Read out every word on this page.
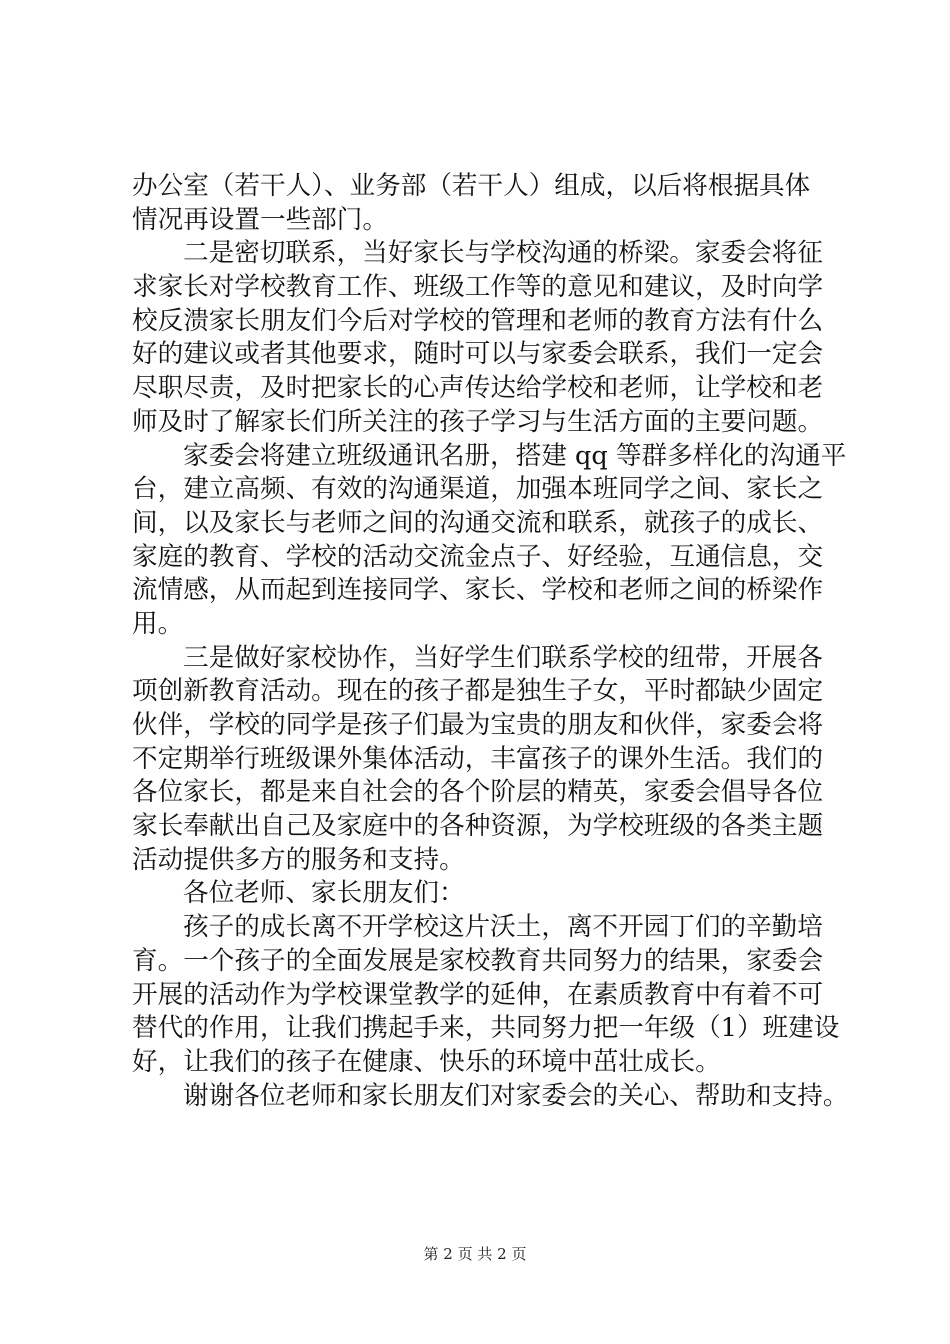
办公室（若干人）、业务部（若干人）组成，以后将根据具体
情况再设置一些部门。
二是密切联系，当好家长与学校沟通的桥梁。家委会将征
求家长对学校教育工作、班级工作等的意见和建议，及时向学
校反溃家长朋友们今后对学校的管理和老师的教育方法有什么
好的建议或者其他要求，随时可以与家委会联系，我们一定会
尽职尽责，及时把家长的心声传达给学校和老师，让学校和老
师及时了解家长们所关注的孩子学习与生活方面的主要问题。
家委会将建立班级通讯名册，搭建 qq 等群多样化的沟通平
台，建立高频、有效的沟通渠道，加强本班同学之间、家长之
间，以及家长与老师之间的沟通交流和联系，就孩子的成长、
家庭的教育、学校的活动交流金点子、好经验，互通信息，交
流情感，从而起到连接同学、家长、学校和老师之间的桥梁作
用。
三是做好家校协作，当好学生们联系学校的纽带，开展各
项创新教育活动。现在的孩子都是独生子女，平时都缺少固定
伙伴，学校的同学是孩子们最为宝贵的朋友和伙伴，家委会将
不定期举行班级课外集体活动，丰富孩子的课外生活。我们的
各位家长，都是来自社会的各个阶层的精英，家委会倡导各位
家长奉献出自己及家庭中的各种资源，为学校班级的各类主题
活动提供多方的服务和支持。
各位老师、家长朋友们：
孩子的成长离不开学校这片沃土，离不开园丁们的辛勤培
育。一个孩子的全面发展是家校教育共同努力的结果，家委会
开展的活动作为学校课堂教学的延伸，在素质教育中有着不可
替代的作用，让我们携起手来，共同努力把一年级（1）班建设
好，让我们的孩子在健康、快乐的环境中茁壮成长。
谢谢各位老师和家长朋友们对家委会的关心、帮助和支持。
第 2 页 共 2 页
